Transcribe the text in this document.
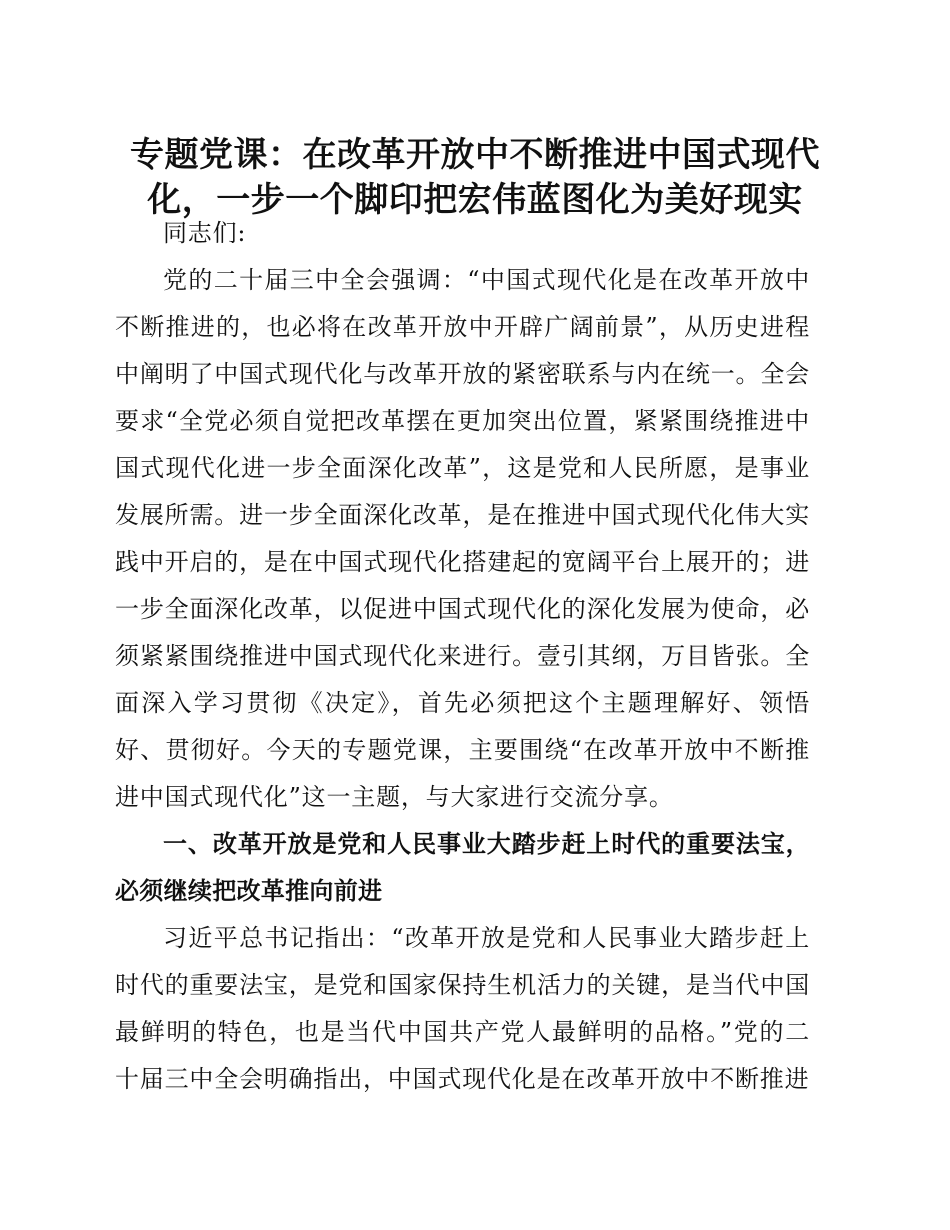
专题党课：在改革开放中不断推进中国式现代化，一步一个脚印把宏伟蓝图化为美好现实

同志们:

党的二十届三中全会强调：“中国式现代化是在改革开放中不断推进的，也必将在改革开放中开辟广阔前景”，从历史进程中阐明了中国式现代化与改革开放的紧密联系与内在统一。全会要求“全党必须自觉把改革摆在更加突出位置，紧紧围绕推进中国式现代化进一步全面深化改革”，这是党和人民所愿，是事业发展所需。进一步全面深化改革，是在推进中国式现代化伟大实践中开启的，是在中国式现代化搭建起的宽阔平台上展开的；进一步全面深化改革，以促进中国式现代化的深化发展为使命，必须紧紧围绕推进中国式现代化来进行。壹引其纲，万目皆张。全面深入学习贯彻《决定》，首先必须把这个主题理解好、领悟好、贯彻好。今天的专题党课，主要围绕“在改革开放中不断推进中国式现代化”这一主题，与大家进行交流分享。

一、改革开放是党和人民事业大踏步赶上时代的重要法宝，必须继续把改革推向前进

习近平总书记指出：“改革开放是党和人民事业大踏步赶上时代的重要法宝，是党和国家保持生机活力的关键，是当代中国最鲜明的特色，也是当代中国共产党人最鲜明的品格。”党的二十届三中全会明确指出，中国式现代化是在改革开放中不断推进
